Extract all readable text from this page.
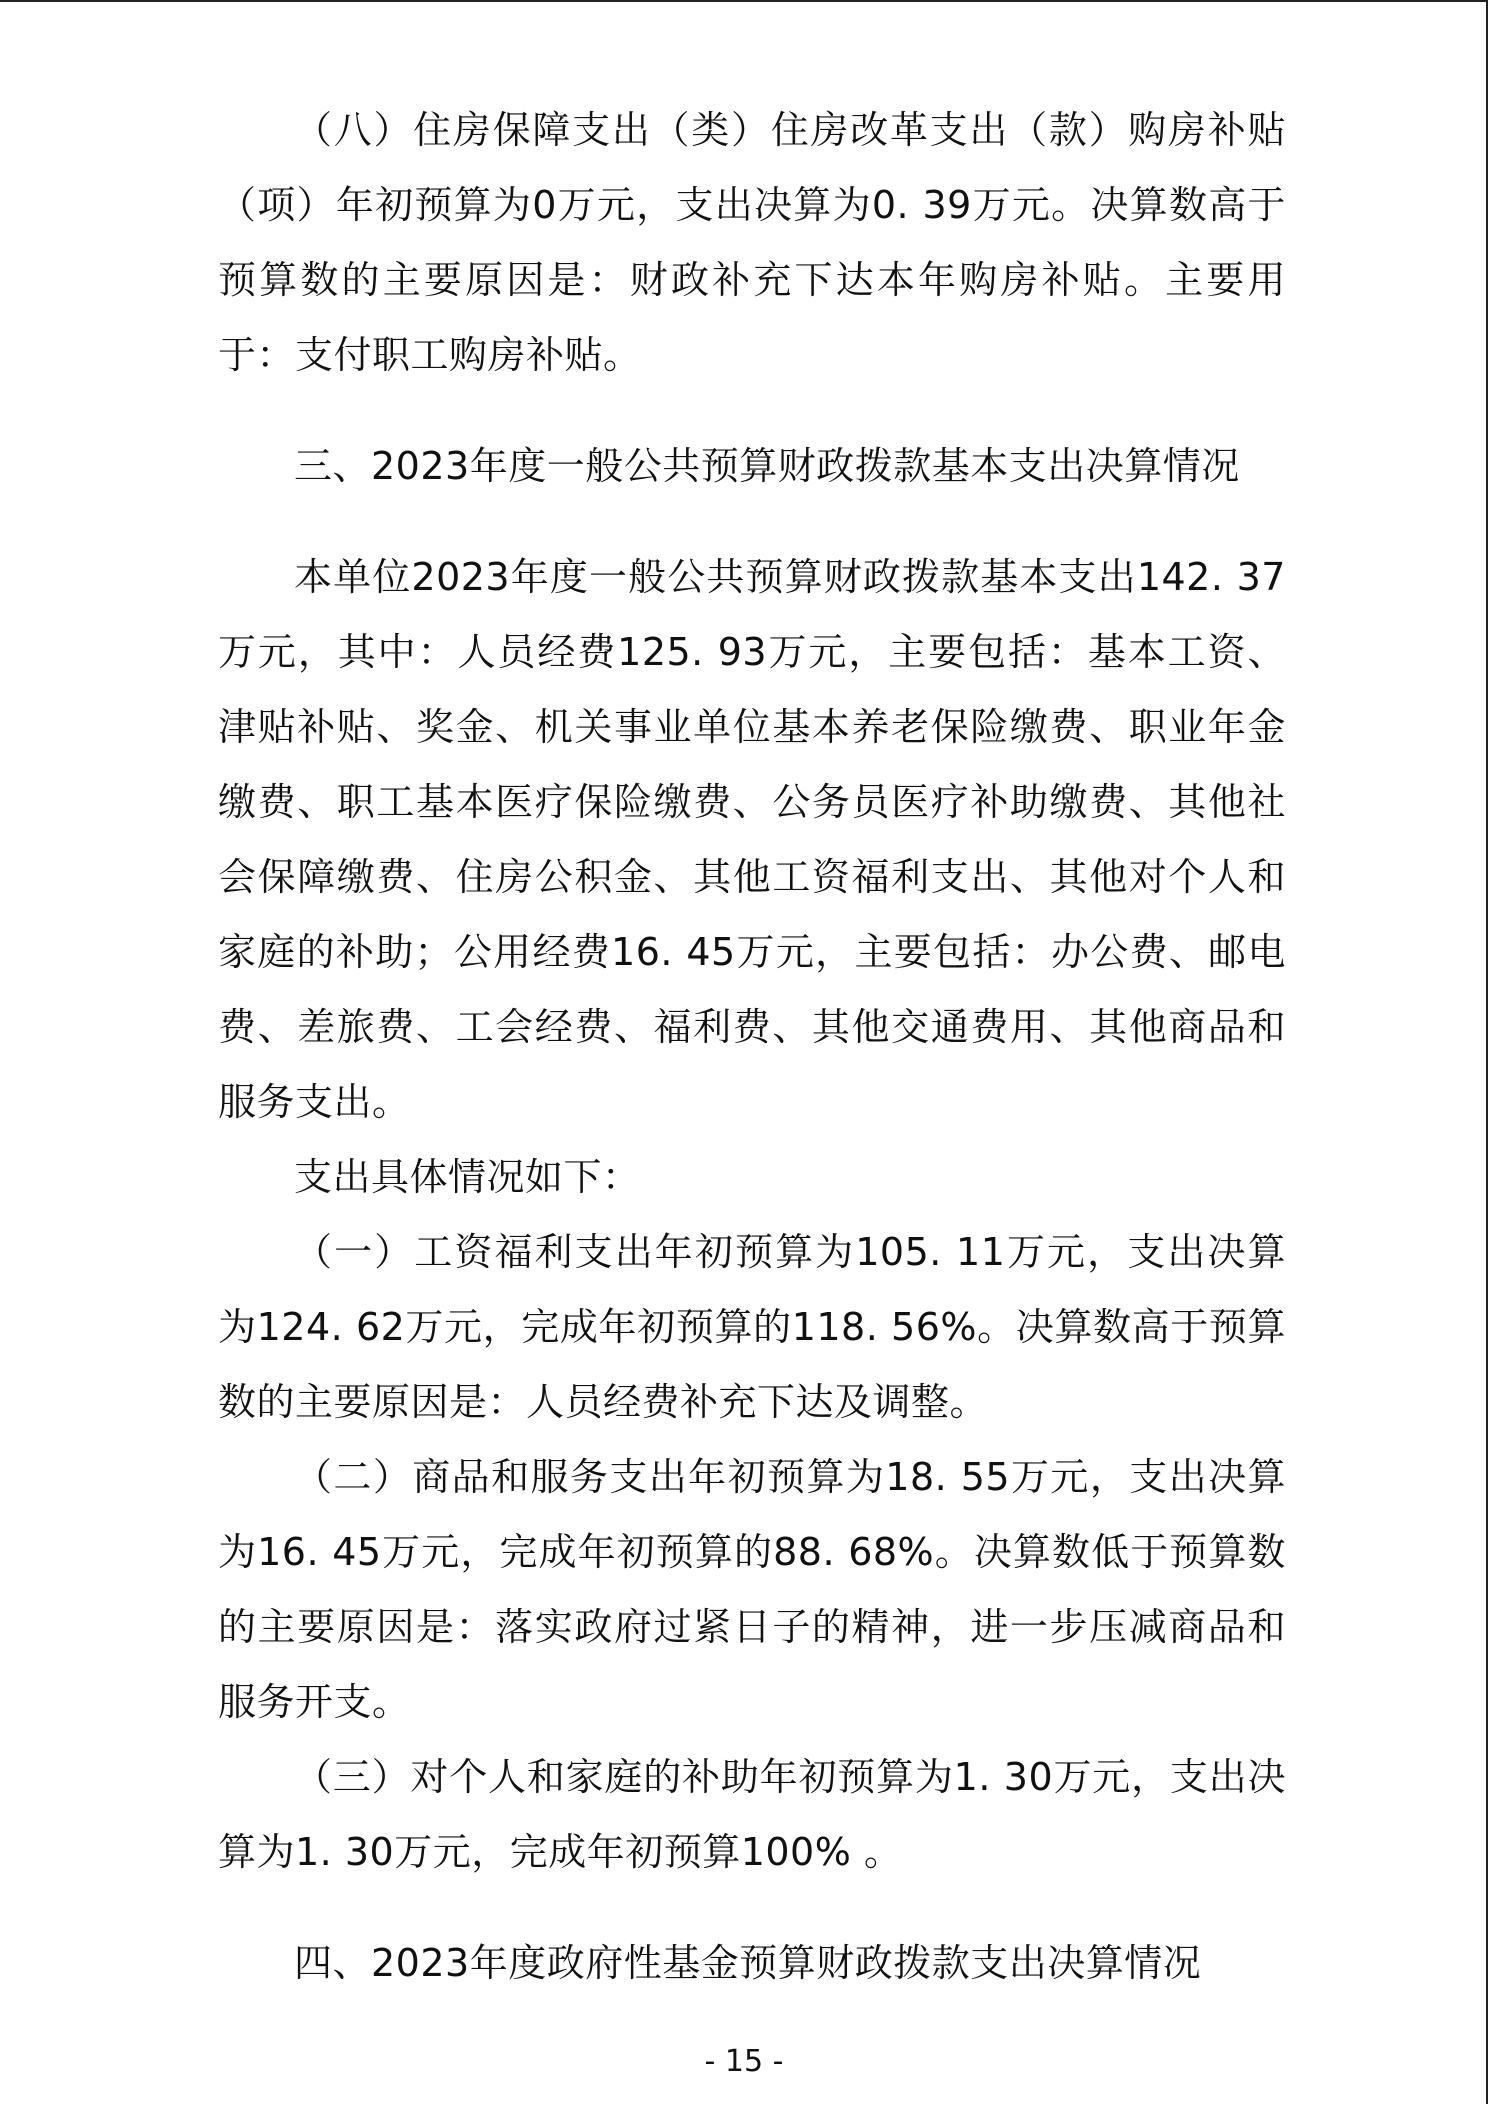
（八）住房保障支出（类）住房改革支出（款）购房补贴（项）年初预算为0万元，支出决算为0. 39万元。决算数高于预算数的主要原因是：财政补充下达本年购房补贴。主要用于：支付职工购房补贴。

三、2023年度一般公共预算财政拨款基本支出决算情况

本单位2023年度一般公共预算财政拨款基本支出142. 37万元，其中：人员经费125. 93万元，主要包括：基本工资、津贴补贴、奖金、机关事业单位基本养老保险缴费、职业年金缴费、职工基本医疗保险缴费、公务员医疗补助缴费、其他社会保障缴费、住房公积金、其他工资福利支出、其他对个人和家庭的补助；公用经费16. 45万元，主要包括：办公费、邮电费、差旅费、工会经费、福利费、其他交通费用、其他商品和服务支出。

支出具体情况如下：

（一）工资福利支出年初预算为105. 11万元，支出决算为124. 62万元，完成年初预算的118. 56%。决算数高于预算数的主要原因是：人员经费补充下达及调整。

（二）商品和服务支出年初预算为18. 55万元，支出决算为16. 45万元，完成年初预算的88. 68%。决算数低于预算数的主要原因是：落实政府过紧日子的精神，进一步压减商品和服务开支。

（三）对个人和家庭的补助年初预算为1. 30万元，支出决算为1. 30万元，完成年初预算100% 。

四、2023年度政府性基金预算财政拨款支出决算情况

- 15 -
